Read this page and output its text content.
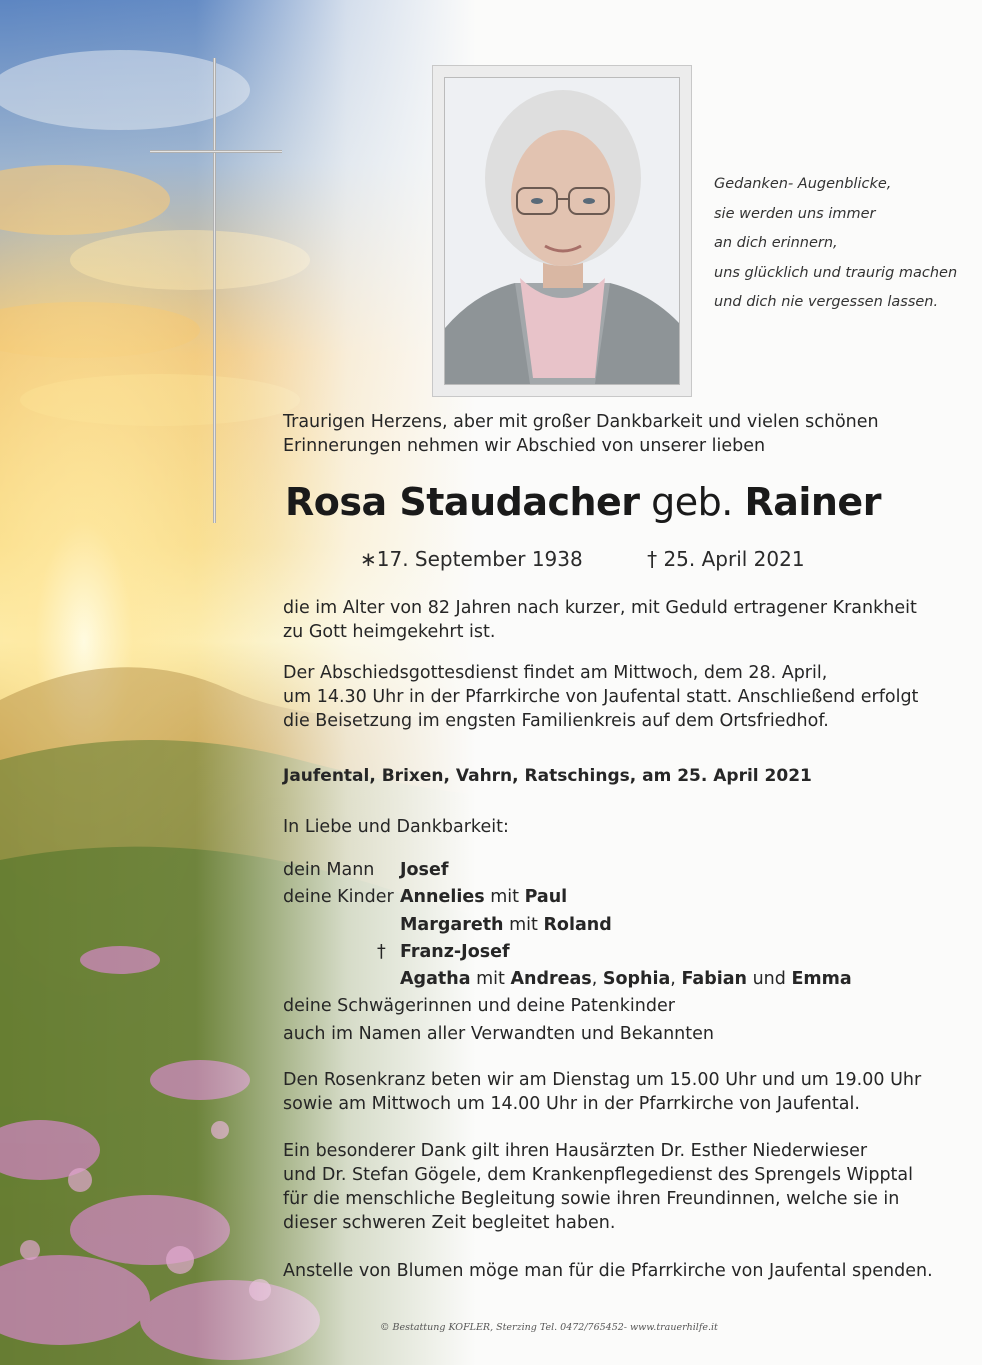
Gedanken- Augenblicke,
sie werden uns immer
an dich erinnern,
uns glücklich und traurig machen
und dich nie vergessen lassen.
Traurigen Herzens, aber mit großer Dankbarkeit und vielen schönen
Erinnerungen nehmen wir Abschied von unserer lieben
Rosa Staudacher geb. Rainer
∗17. September 1938	† 25. April 2021
die im Alter von 82 Jahren nach kurzer, mit Geduld ertragener Krankheit
zu Gott heimgekehrt ist.
Der Abschiedsgottesdienst findet am Mittwoch, dem 28. April,
um 14.30 Uhr in der Pfarrkirche von Jaufental statt. Anschließend erfolgt
die Beisetzung im engsten Familienkreis auf dem Ortsfriedhof.
Jaufental, Brixen, Vahrn, Ratschings, am 25. April 2021
In Liebe und Dankbarkeit:
dein Mann Josef
deine Kinder Annelies mit Paul
Margareth mit Roland
† Franz-Josef
Agatha mit Andreas, Sophia, Fabian und Emma
deine Schwägerinnen und deine Patenkinder
auch im Namen aller Verwandten und Bekannten
Den Rosenkranz beten wir am Dienstag um 15.00 Uhr und um 19.00 Uhr
sowie am Mittwoch um 14.00 Uhr in der Pfarrkirche von Jaufental.
Ein besonderer Dank gilt ihren Hausärzten Dr. Esther Niederwieser
und Dr. Stefan Gögele, dem Krankenpflegedienst des Sprengels Wipptal
für die menschliche Begleitung sowie ihren Freundinnen, welche sie in
dieser schweren Zeit begleitet haben.
Anstelle von Blumen möge man für die Pfarrkirche von Jaufental spenden.
© Bestattung KOFLER, Sterzing Tel. 0472/765452- www.trauerhilfe.it
